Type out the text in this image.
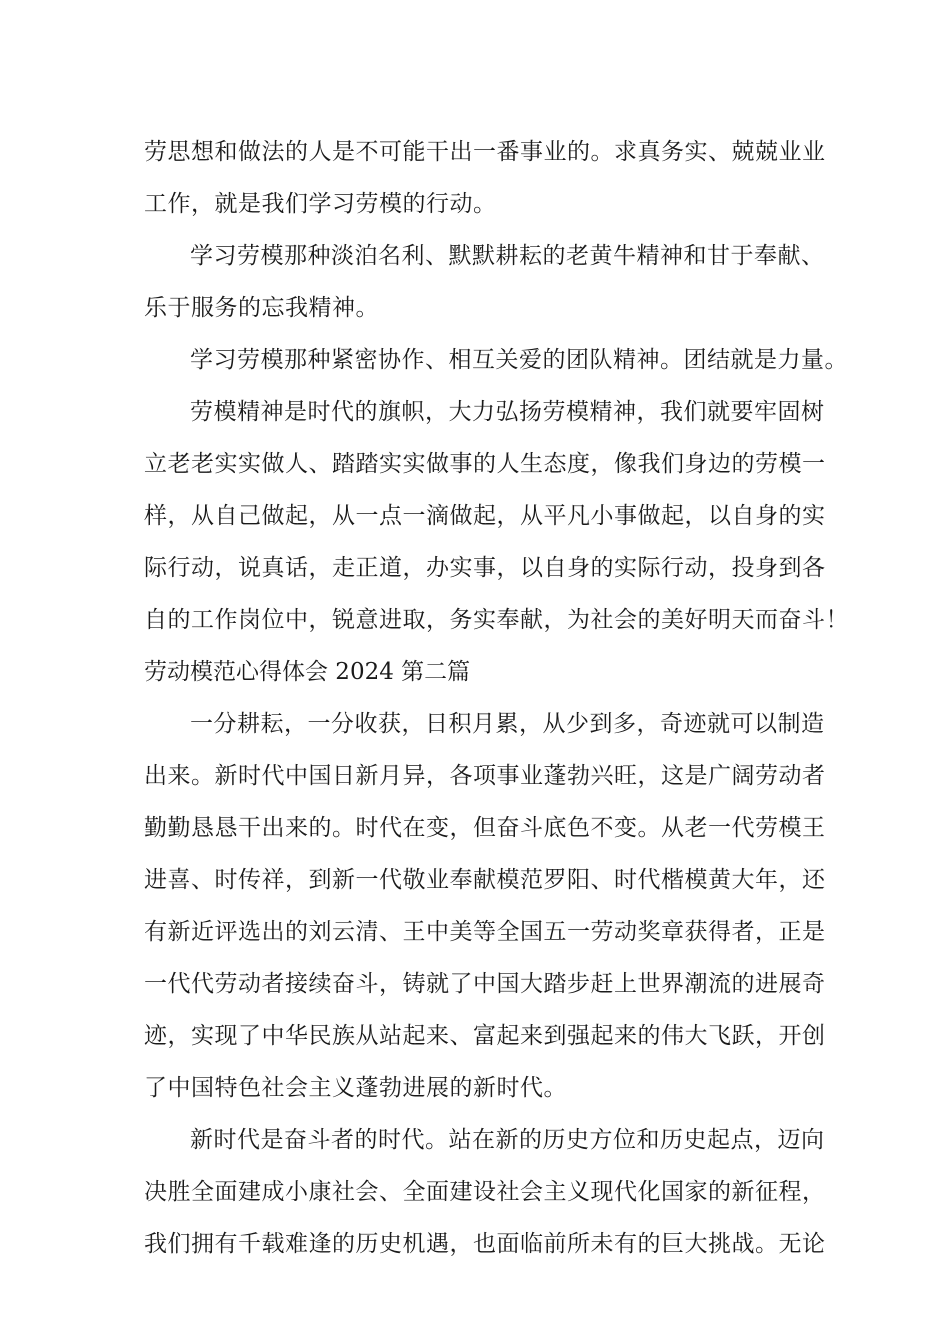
劳思想和做法的人是不可能干出一番事业的。求真务实、兢兢业业
工作，就是我们学习劳模的行动。
学习劳模那种淡泊名利、默默耕耘的老黄牛精神和甘于奉献、
乐于服务的忘我精神。
学习劳模那种紧密协作、相互关爱的团队精神。团结就是力量。
劳模精神是时代的旗帜，大力弘扬劳模精神，我们就要牢固树
立老老实实做人、踏踏实实做事的人生态度，像我们身边的劳模一
样，从自己做起，从一点一滴做起，从平凡小事做起，以自身的实
际行动，说真话，走正道，办实事，以自身的实际行动，投身到各
自的工作岗位中，锐意进取，务实奉献，为社会的美好明天而奋斗！
劳动模范心得体会 2024 第二篇
一分耕耘，一分收获，日积月累，从少到多，奇迹就可以制造
出来。新时代中国日新月异，各项事业蓬勃兴旺，这是广阔劳动者
勤勤恳恳干出来的。时代在变，但奋斗底色不变。从老一代劳模王
进喜、时传祥，到新一代敬业奉献模范罗阳、时代楷模黄大年，还
有新近评选出的刘云清、王中美等全国五一劳动奖章获得者，正是
一代代劳动者接续奋斗，铸就了中国大踏步赶上世界潮流的进展奇
迹，实现了中华民族从站起来、富起来到强起来的伟大飞跃，开创
了中国特色社会主义蓬勃进展的新时代。
新时代是奋斗者的时代。站在新的历史方位和历史起点，迈向
决胜全面建成小康社会、全面建设社会主义现代化国家的新征程，
我们拥有千载难逢的历史机遇，也面临前所未有的巨大挑战。无论
